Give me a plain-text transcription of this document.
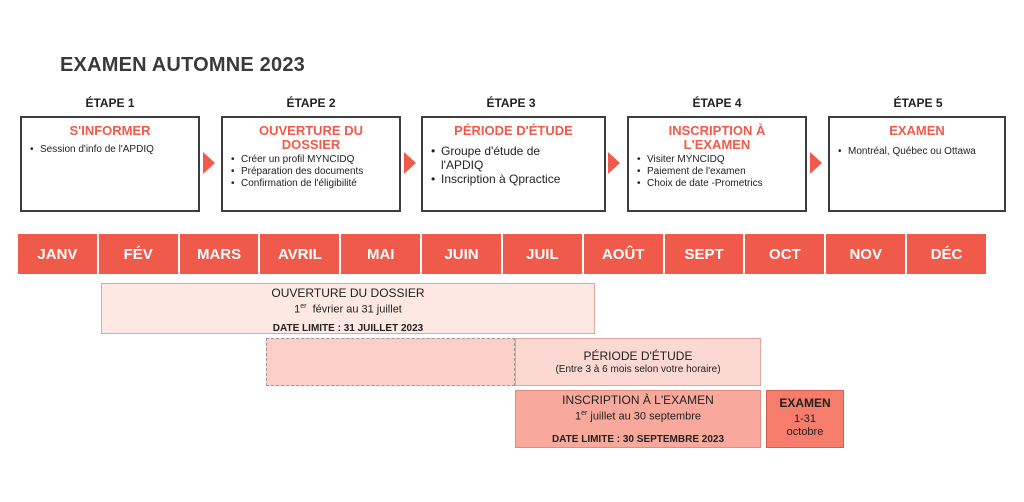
EXAMEN AUTOMNE 2023
ÉTAPE 1	ÉTAPE 2	ÉTAPE 3	ÉTAPE 4	ÉTAPE 5
S'INFORMER
• Session d'info de l'APDIQ
OUVERTURE DU DOSSIER
• Créer un profil MYNCIDQ
• Préparation des documents
• Confirmation de l'éligibilité
PÉRIODE D'ÉTUDE
• Groupe d'étude de l'APDIQ
• Inscription à Qpractice
INSCRIPTION À L'EXAMEN
• Visiter MYNCIDQ
• Paiement de l'examen
• Choix de date -Prometrics
EXAMEN
• Montréal, Québec ou Ottawa
JANV	FÉV	MARS	AVRIL	MAI	JUIN	JUIL	AOÛT	SEPT	OCT	NOV	DÉC
OUVERTURE DU DOSSIER
1er  février au 31 juillet
DATE LIMITE : 31 JUILLET 2023
PÉRIODE D'ÉTUDE
(Entre 3 à 6 mois selon votre horaire)
INSCRIPTION À L'EXAMEN
1er juillet au 30 septembre
DATE LIMITE : 30 SEPTEMBRE 2023
EXAMEN
1-31
octobre
